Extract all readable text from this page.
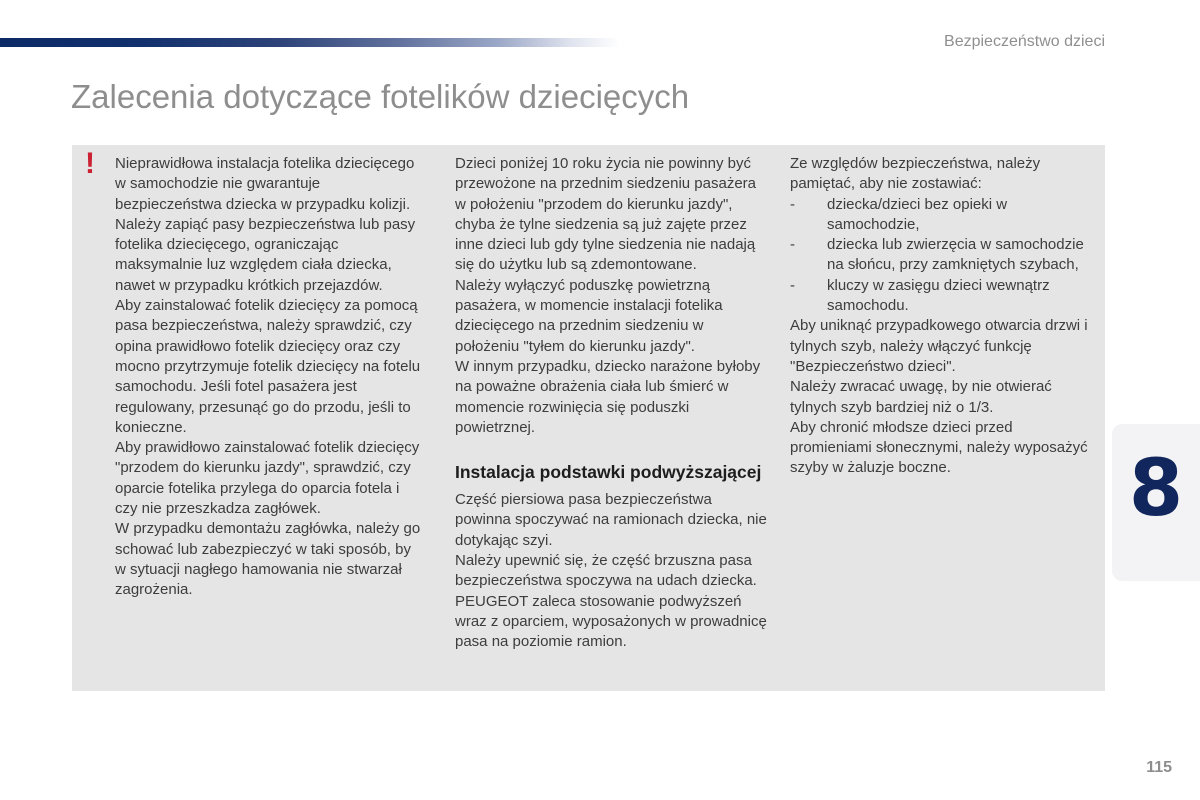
Bezpieczeństwo dzieci
Zalecenia dotyczące fotelików dziecięcych
! Nieprawidłowa instalacja fotelika dziecięcego w samochodzie nie gwarantuje bezpieczeństwa dziecka w przypadku kolizji.

Należy zapiąć pasy bezpieczeństwa lub pasy fotelika dziecięcego, ograniczając maksymalnie luz względem ciała dziecka, nawet w przypadku krótkich przejazdów.

Aby zainstalować fotelik dziecięcy za pomocą pasa bezpieczeństwa, należy sprawdzić, czy opina prawidłowo fotelik dziecięcy oraz czy mocno przytrzymuje fotelik dziecięcy na fotelu samochodu. Jeśli fotel pasażera jest regulowany, przesunąć go do przodu, jeśli to konieczne.

Aby prawidłowo zainstalować fotelik dziecięcy "przodem do kierunku jazdy", sprawdzić, czy oparcie fotelika przylega do oparcia fotela i czy nie przeszkadza zagłówek.

W przypadku demontażu zagłówka, należy go schować lub zabezpieczyć w taki sposób, by w sytuacji nagłego hamowania nie stwarzał zagrożenia.

Dzieci poniżej 10 roku życia nie powinny być przewożone na przednim siedzeniu pasażera w położeniu "przodem do kierunku jazdy", chyba że tylne siedzenia są już zajęte przez inne dzieci lub gdy tylne siedzenia nie nadają się do użytku lub są zdemontowane.

Należy wyłączyć poduszkę powietrzną pasażera, w momencie instalacji fotelika dziecięcego na przednim siedzeniu w położeniu "tyłem do kierunku jazdy".

W innym przypadku, dziecko narażone byłoby na poważne obrażenia ciała lub śmierć w momencie rozwinięcia się poduszki powietrznej.

Instalacja podstawki podwyższającej

Część piersiowa pasa bezpieczeństwa powinna spoczywać na ramionach dziecka, nie dotykając szyi.

Należy upewnić się, że część brzuszna pasa bezpieczeństwa spoczywa na udach dziecka.

PEUGEOT zaleca stosowanie podwyższeń wraz z oparciem, wyposażonych w prowadnicę pasa na poziomie ramion.

Ze względów bezpieczeństwa, należy pamiętać, aby nie zostawiać:

-	dziecka/dzieci bez opieki w samochodzie,
-	dziecka lub zwierzęcia w samochodzie na słońcu, przy zamkniętych szybach,
-	kluczy w zasięgu dzieci wewnątrz samochodu.

Aby uniknąć przypadkowego otwarcia drzwi i tylnych szyb, należy włączyć funkcję "Bezpieczeństwo dzieci".

Należy zwracać uwagę, by nie otwierać tylnych szyb bardziej niż o 1/3.

Aby chronić młodsze dzieci przed promieniami słonecznymi, należy wyposażyć szyby w żaluzje boczne.	8
115
